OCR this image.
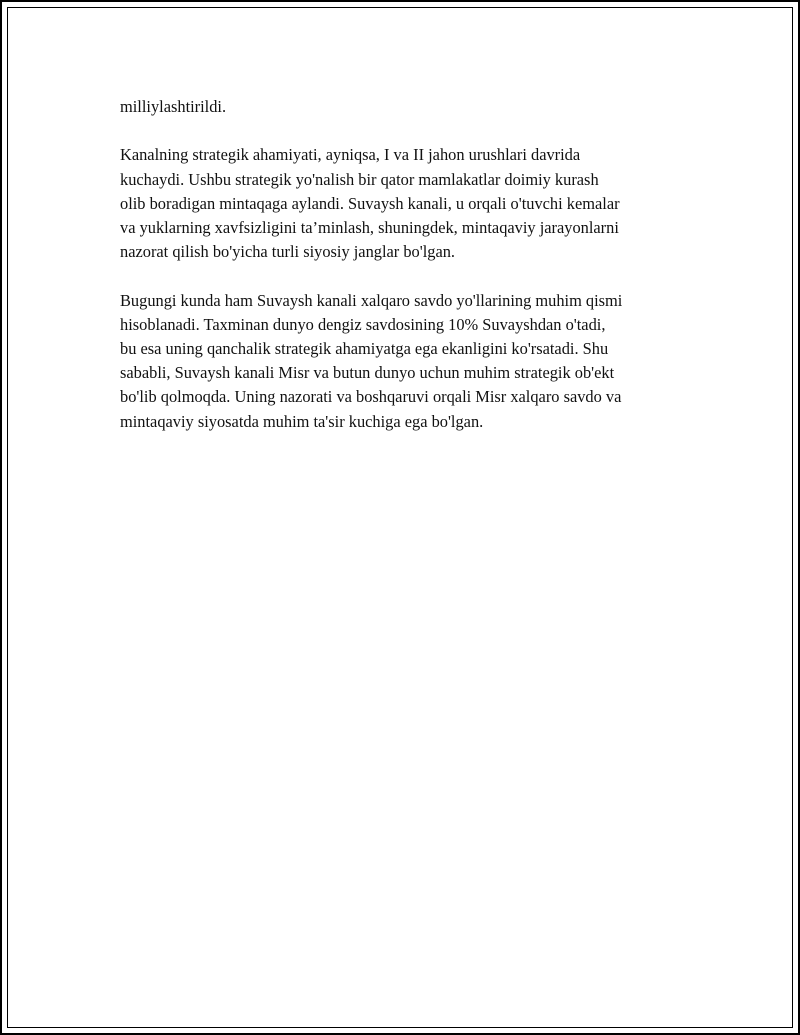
milliylashtirildi.

Kanalning strategik ahamiyati, ayniqsa, I va II jahon urushlari davrida
kuchaydi. Ushbu strategik yo'nalish bir qator mamlakatlar doimiy kurash
olib boradigan mintaqaga aylandi. Suvaysh kanali, u orqali o'tuvchi kemalar
va yuklarning xavfsizligini ta’minlash, shuningdek, mintaqaviy jarayonlarni
nazorat qilish bo'yicha turli siyosiy janglar bo'lgan.

Bugungi kunda ham Suvaysh kanali xalqaro savdo yo'llarining muhim qismi
hisoblanadi. Taxminan dunyo dengiz savdosining 10% Suvayshdan o'tadi,
bu esa uning qanchalik strategik ahamiyatga ega ekanligini ko'rsatadi. Shu
sababli, Suvaysh kanali Misr va butun dunyo uchun muhim strategik ob'ekt
bo'lib qolmoqda. Uning nazorati va boshqaruvi orqali Misr xalqaro savdo va
mintaqaviy siyosatda muhim ta'sir kuchiga ega bo'lgan.
